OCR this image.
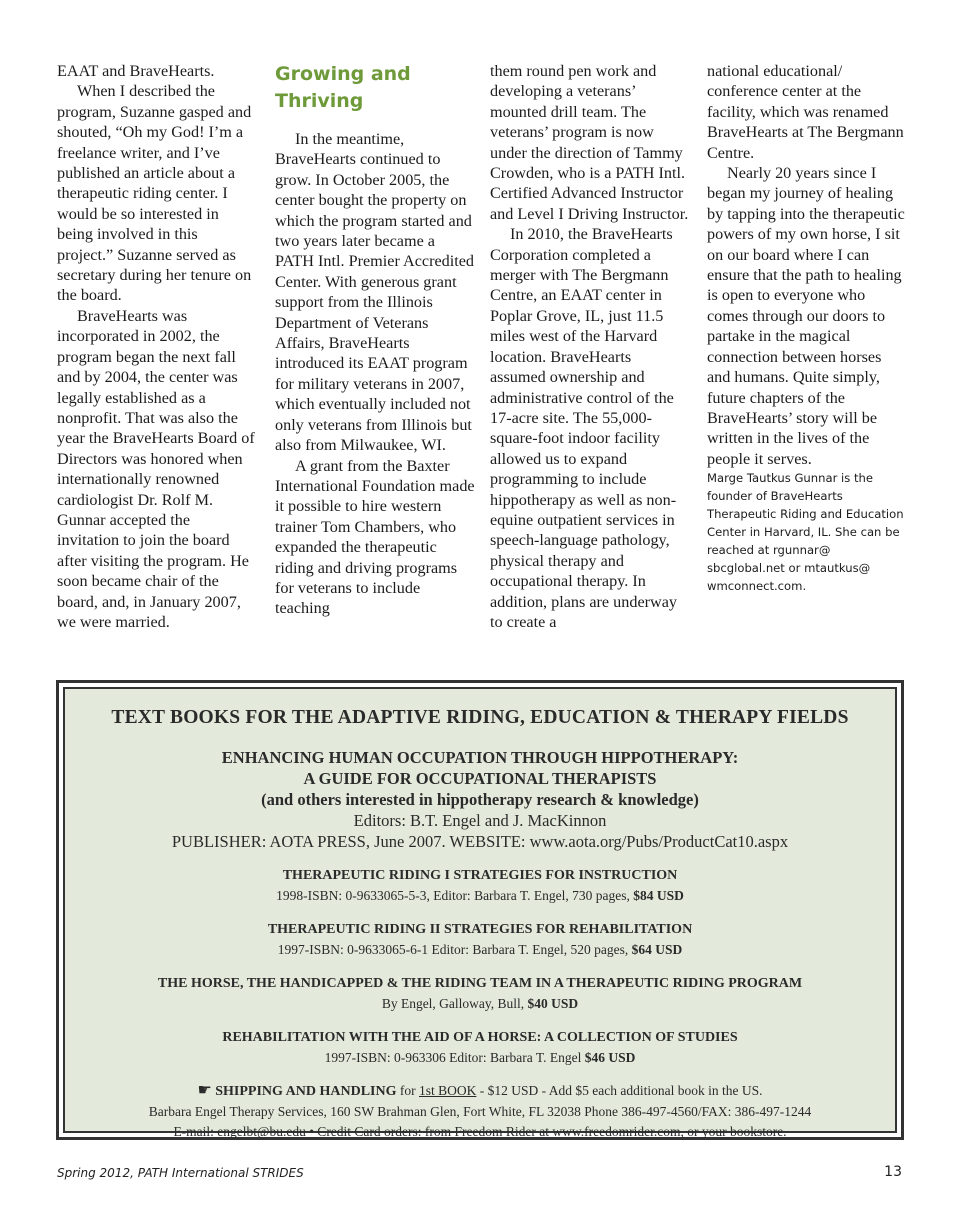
EAAT and BraveHearts.

When I described the program, Suzanne gasped and shouted, “Oh my God! I’m a freelance writer, and I’ve published an article about a therapeutic riding center. I would be so interested in being involved in this project.” Suzanne served as secretary during her tenure on the board.

BraveHearts was incorporated in 2002, the program began the next fall and by 2004, the center was legally established as a nonprofit. That was also the year the BraveHearts Board of Directors was honored when internationally renowned cardiologist Dr. Rolf M. Gunnar accepted the invitation to join the board after visiting the program. He soon became chair of the board, and, in January 2007, we were married.

Growing and Thriving

In the meantime, BraveHearts continued to grow. In October 2005, the center bought the property on which the program started and two years later became a PATH Intl. Premier Accredited Center. With generous grant support from the Illinois Department of Veterans Affairs, BraveHearts introduced its EAAT program for military veterans in 2007, which eventually included not only veterans from Illinois but also from Milwaukee, WI.

A grant from the Baxter International Foundation made it possible to hire western trainer Tom Chambers, who expanded the therapeutic riding and driving programs for veterans to include teaching

them round pen work and developing a veterans’ mounted drill team. The veterans’ program is now under the direction of Tammy Crowden, who is a PATH Intl. Certified Advanced Instructor and Level I Driving Instructor.

In 2010, the BraveHearts Corporation completed a merger with The Bergmann Centre, an EAAT center in Poplar Grove, IL, just 11.5 miles west of the Harvard location. BraveHearts assumed ownership and administrative control of the 17-acre site. The 55,000-square-foot indoor facility allowed us to expand programming to include hippotherapy as well as non-equine outpatient services in speech-language pathology, physical therapy and occupational therapy. In addition, plans are underway to create a

national educational/ conference center at the facility, which was renamed BraveHearts at The Bergmann Centre.

Nearly 20 years since I began my journey of healing by tapping into the therapeutic powers of my own horse, I sit on our board where I can ensure that the path to healing is open to everyone who comes through our doors to partake in the magical connection between horses and humans. Quite simply, future chapters of the BraveHearts’ story will be written in the lives of the people it serves.

Marge Tautkus Gunnar is the founder of BraveHearts Therapeutic Riding and Education Center in Harvard, IL. She can be reached at rgunnar@ sbcglobal.net or mtautkus@ wmconnect.com.

TEXT BOOKS FOR THE ADAPTIVE RIDING, EDUCATION & THERAPY FIELDS
ENHANCING HUMAN OCCUPATION THROUGH HIPPOTHERAPY:
A GUIDE FOR OCCUPATIONAL THERAPISTS
(and others interested in hippotherapy research & knowledge)
Editors: B.T. Engel and J. MacKinnon
PUBLISHER: AOTA PRESS, June 2007. WEBSITE: www.aota.org/Pubs/ProductCat10.aspx
THERAPEUTIC RIDING I STRATEGIES FOR INSTRUCTION
1998-ISBN: 0-9633065-5-3, Editor: Barbara T. Engel, 730 pages, $84 USD
THERAPEUTIC RIDING II STRATEGIES FOR REHABILITATION
1997-ISBN: 0-9633065-6-1 Editor: Barbara T. Engel, 520 pages, $64 USD
THE HORSE, THE HANDICAPPED & THE RIDING TEAM IN A THERAPEUTIC RIDING PROGRAM
By Engel, Galloway, Bull, $40 USD
REHABILITATION WITH THE AID OF A HORSE: A COLLECTION OF STUDIES
1997-ISBN: 0-963306 Editor: Barbara T. Engel $46 USD
☛ SHIPPING AND HANDLING for 1st BOOK - $12 USD - Add $5 each additional book in the US.
Barbara Engel Therapy Services, 160 SW Brahman Glen, Fort White, FL 32038 Phone 386-497-4560/FAX: 386-497-1244
E-mail: engelbt@bu.edu • Credit Card orders: from Freedom Rider at www.freedomrider.com, or your bookstore.
Spring 2012, PATH International STRIDES	13
